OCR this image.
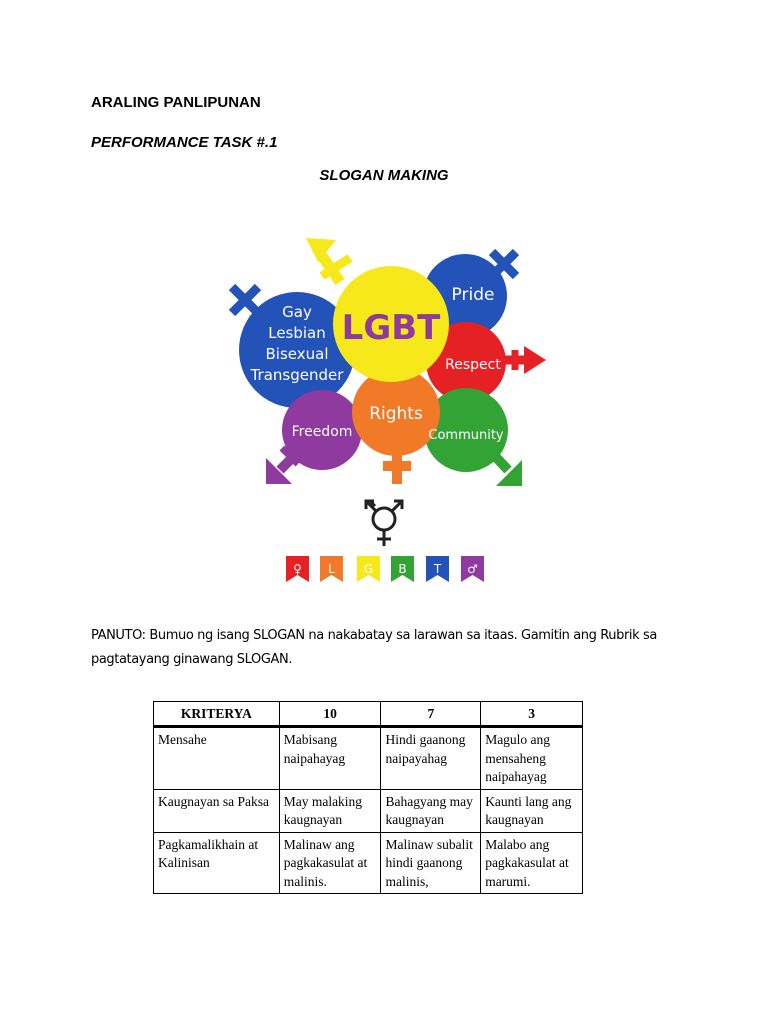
ARALING PANLIPUNAN
PERFORMANCE TASK #.1
SLOGAN MAKING
LGBT
Gay
Lesbian
Bisexual
Transgender
Pride
Respect
Freedom
Rights
Community
♀ L G B T ♂
PANUTO: Bumuo ng isang SLOGAN na nakabatay sa larawan sa itaas. Gamitin ang Rubrik sa
pagtatayang ginawang SLOGAN.
KRITERYA	10	7	3
Mensahe	Mabisang naipahayag	Hindi gaanong naipayahag	Magulo ang mensaheng naipahayag
Kaugnayan sa Paksa	May malaking kaugnayan	Bahagyang may kaugnayan	Kaunti lang ang kaugnayan
Pagkamalikhain at Kalinisan	Malinaw ang pagkakasulat at malinis.	Malinaw subalit hindi gaanong malinis,	Malabo ang pagkakasulat at marumi.
